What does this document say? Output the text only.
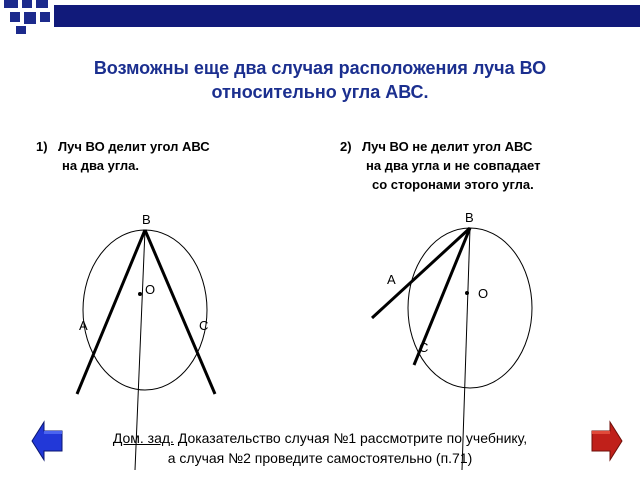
Возможны еще два случая расположения луча ВО
относительно угла АВС.
1) Луч ВО делит угол АВС
на два угла.
2) Луч ВО не делит угол АВС
на два угла и не совпадает
со сторонами этого угла.
В
О
А	С
В
О
А
С
Дом. зад. Доказательство случая №1 рассмотрите по учебнику,
а случая №2 проведите самостоятельно (п.71)
